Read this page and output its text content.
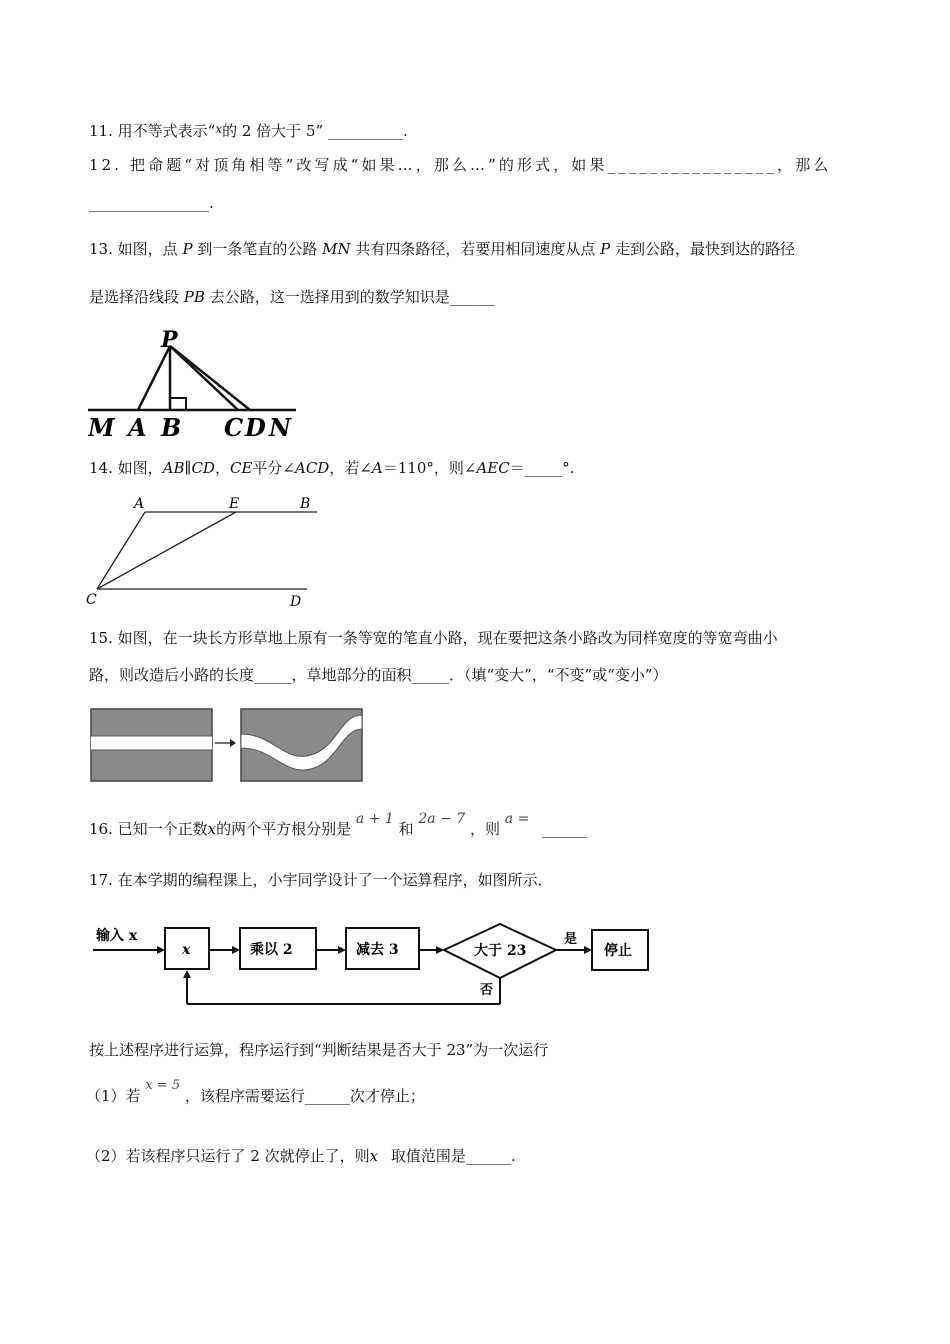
11. 用不等式表示“$^x$的 2 倍大于 5” __________.
12. 把命题“对顶角相等”改写成“如果…，那么…”的形式，如果________________，那么
________________.
13. 如图，点 P 到一条笔直的公路 MN 共有四条路径，若要用相同速度从点 P 走到公路，最快到达的路径
是选择沿线段 PB 去公路，这一选择用到的数学知识是______
P
M A B C D N
14. 如图，AB∥CD，CE平分∠ACD，若∠A＝110°，则∠AEC＝_____°.
A	E	B
C	D
15. 如图，在一块长方形草地上原有一条等宽的笔直小路，现在要把这条小路改为同样宽度的等宽弯曲小
路，则改造后小路的长度_____，草地部分的面积_____．（填“变大”，“不变”或“变小”）
16. 已知一个正数x的两个平方根分别是 a + 1 和 2a − 7 ，则 a = ______
17. 在本学期的编程课上，小宇同学设计了一个运算程序，如图所示．
输入 x
x	乘以 2	减去 3	大于 23
是
停止
否
按上述程序进行运算，程序运行到“判断结果是否大于 23”为一次运行
（1）若 x = 5 ，该程序需要运行______次才停止；
（2）若该程序只运行了 2 次就停止了，则x 取值范围是______.
